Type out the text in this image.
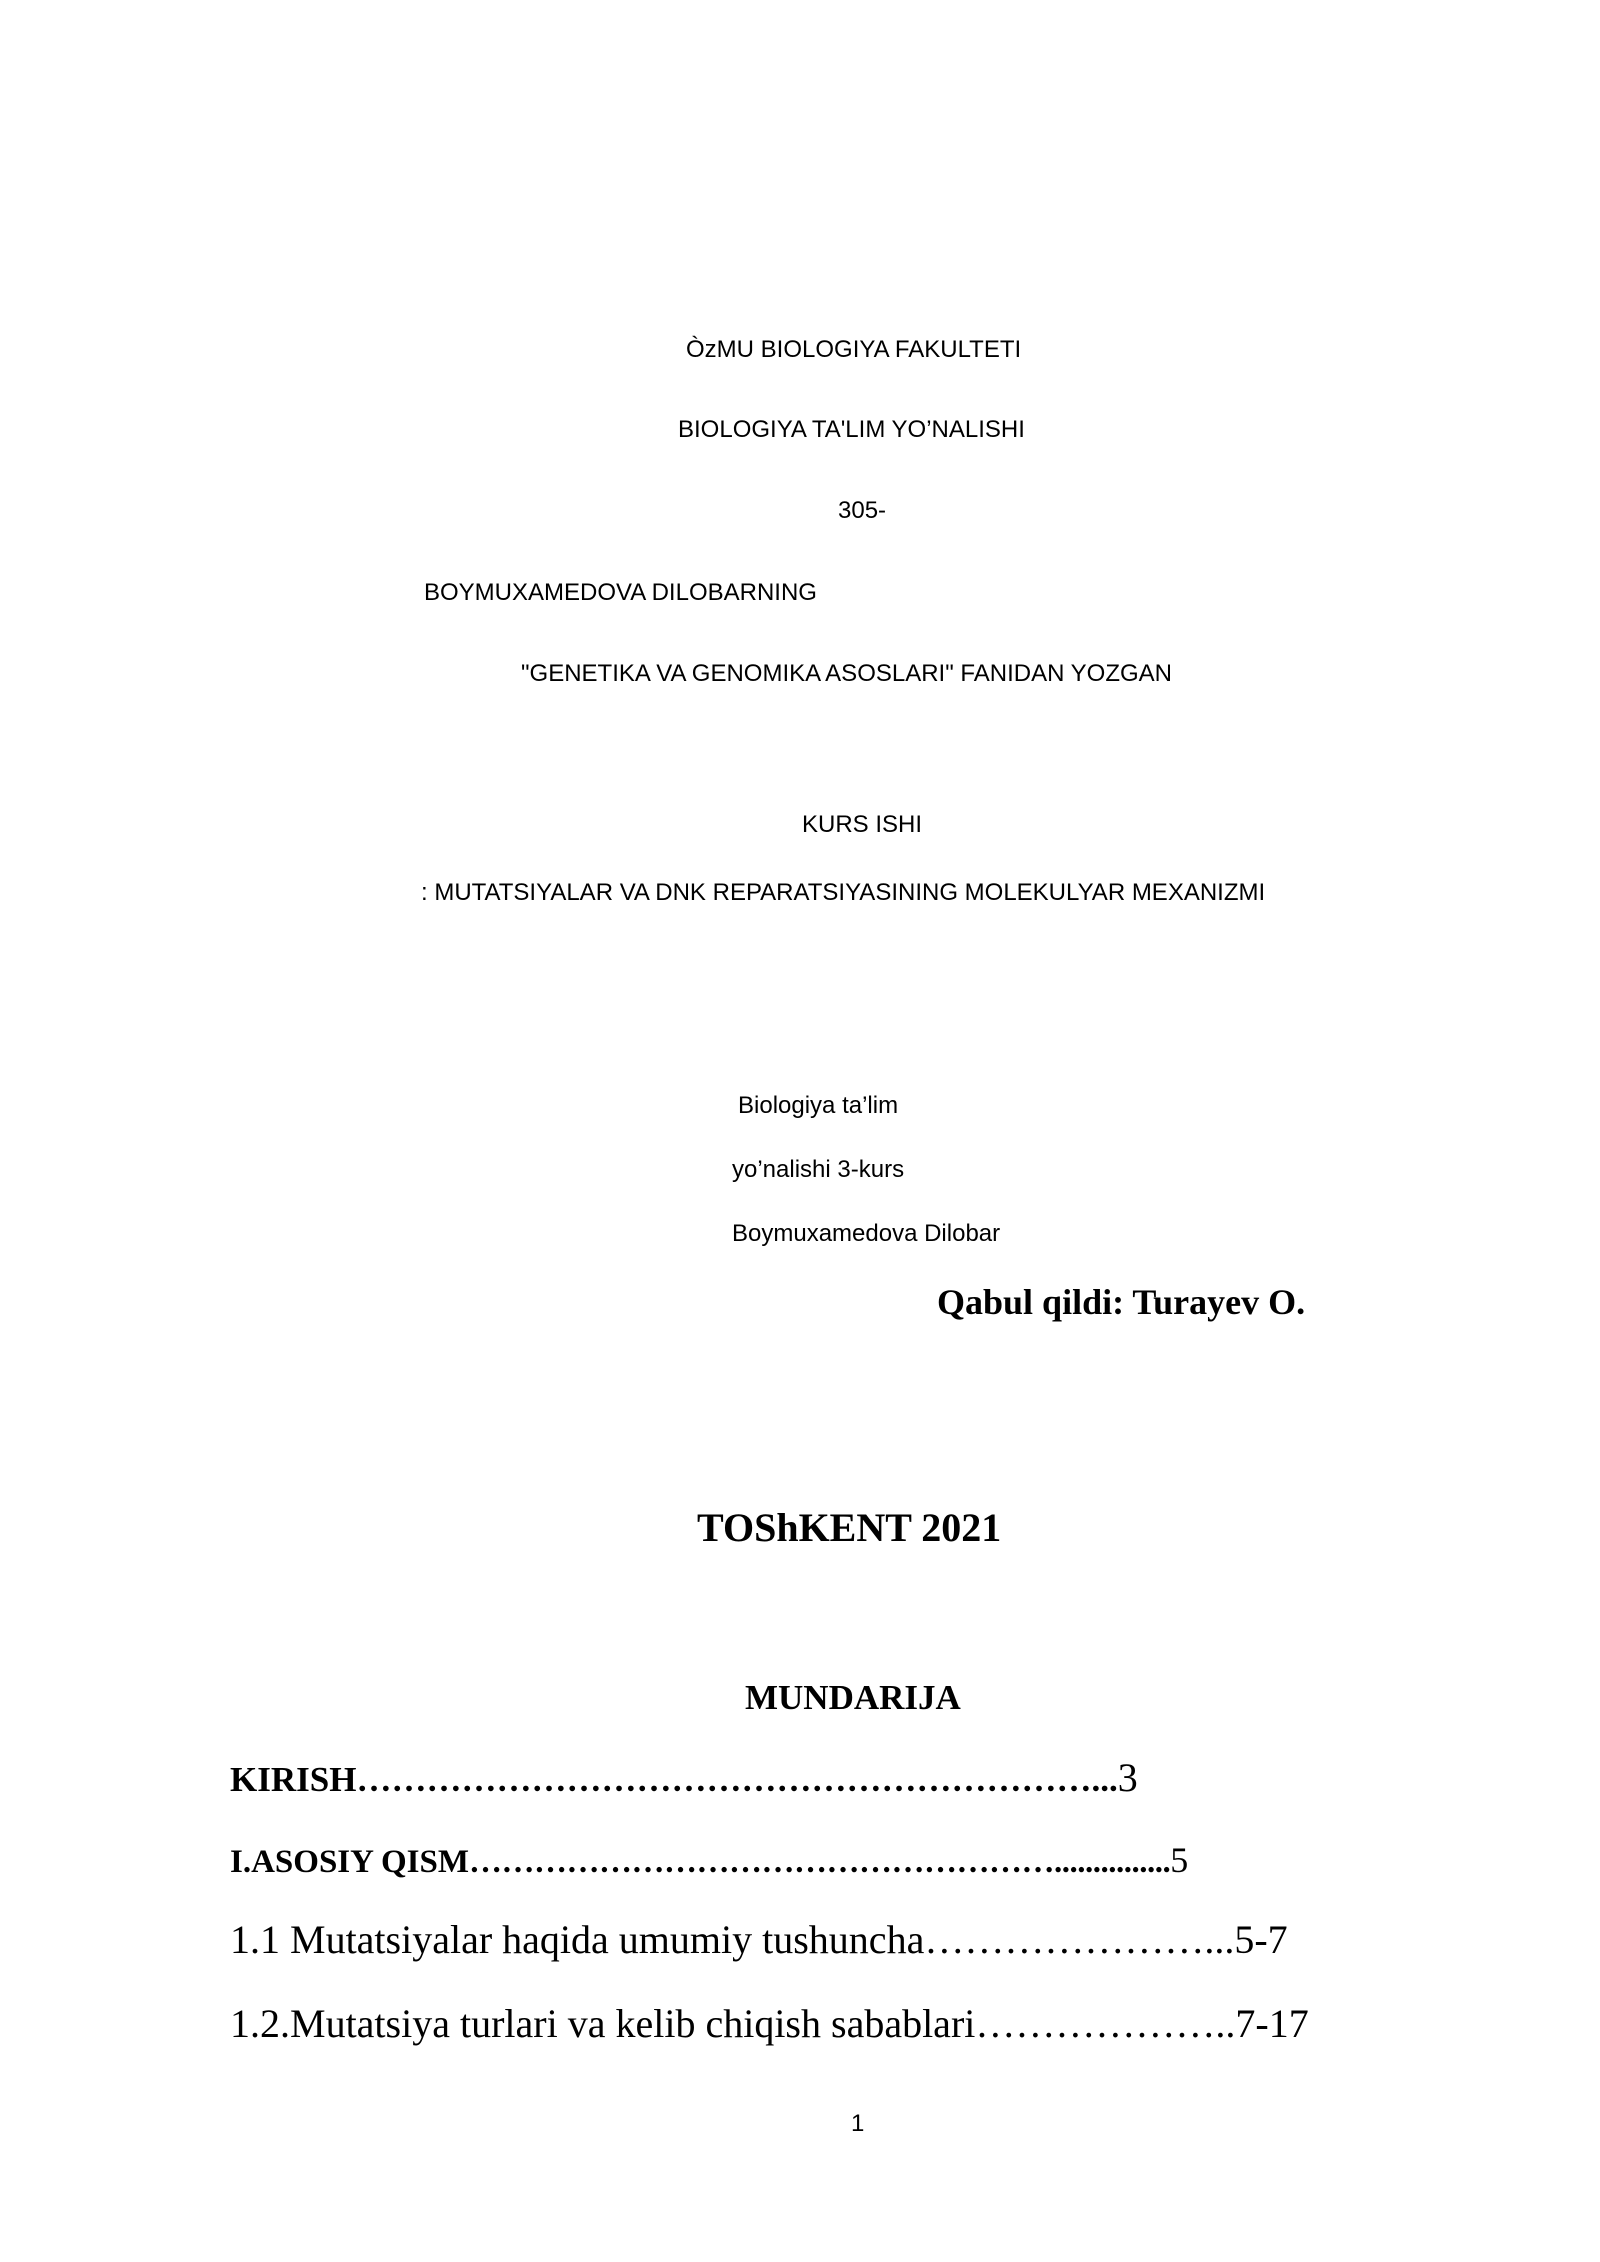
ÒzMU BIOLOGIYA FAKULTETI
BIOLOGIYA TA'LIM YO’NALISHI
305-
BOYMUXAMEDOVA DILOBARNING
"GENETIKA VA GENOMIKA ASOSLARI" FANIDAN YOZGAN
KURS ISHI
: MUTATSIYALAR VA DNK REPARATSIYASINING MOLEKULYAR MEXANIZMI
Biologiya ta’lim
yo’nalishi 3-kurs
Boymuxamedova Dilobar
Qabul qildi: Turayev O.
TOShKENT 2021
MUNDARIJA
KIRISH………………………………………………………...3
I.ASOSIY QISM………………………………………………...............5
1.1 Mutatsiyalar haqida umumiy tushuncha…………………...5-7
1.2.Mutatsiya turlari va kelib chiqish sabablari………………..7-17
1
